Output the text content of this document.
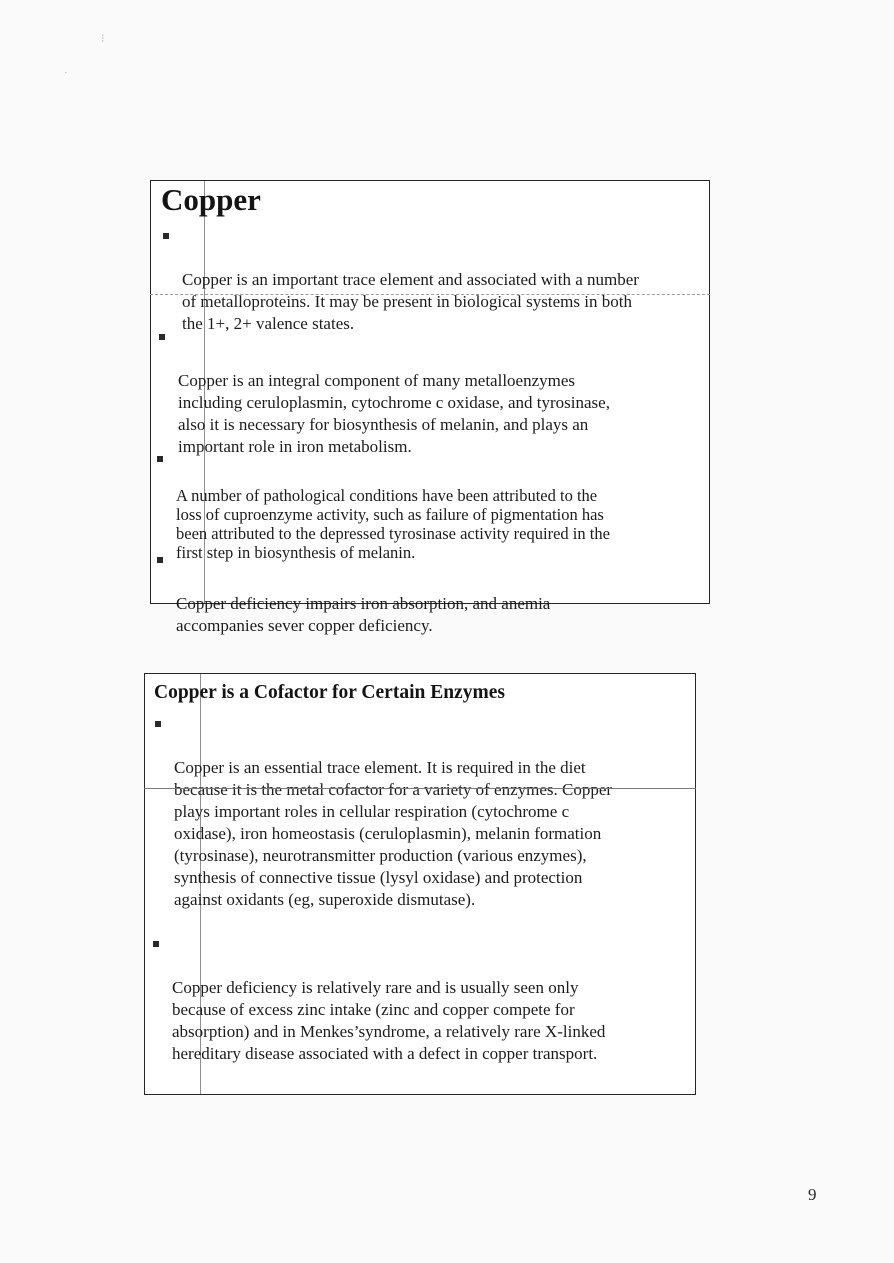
⁝
·
Copper

Copper is an important trace element and associated with a number
of metalloproteins. It may be present in biological systems in both
the 1+, 2+ valence states.

Copper is an integral component of many metalloenzymes
including ceruloplasmin, cytochrome c oxidase, and tyrosinase,
also it is necessary for biosynthesis of melanin, and plays an
important role in iron metabolism.

A number of pathological conditions have been attributed to the
loss of cuproenzyme activity, such as failure of pigmentation has
been attributed to the depressed tyrosinase activity required in the
first step in biosynthesis of melanin.

Copper deficiency impairs iron absorption, and anemia
accompanies sever copper deficiency.

Copper is a Cofactor for Certain Enzymes

Copper is an essential trace element. It is required in the diet
because it is the metal cofactor for a variety of enzymes. Copper
plays important roles in cellular respiration (cytochrome c
oxidase), iron homeostasis (ceruloplasmin), melanin formation
(tyrosinase), neurotransmitter production (various enzymes),
synthesis of connective tissue (lysyl oxidase) and protection
against oxidants (eg, superoxide dismutase).

Copper deficiency is relatively rare and is usually seen only
because of excess zinc intake (zinc and copper compete for
absorption) and in Menkes’syndrome, a relatively rare X-linked
hereditary disease associated with a defect in copper transport.

9
